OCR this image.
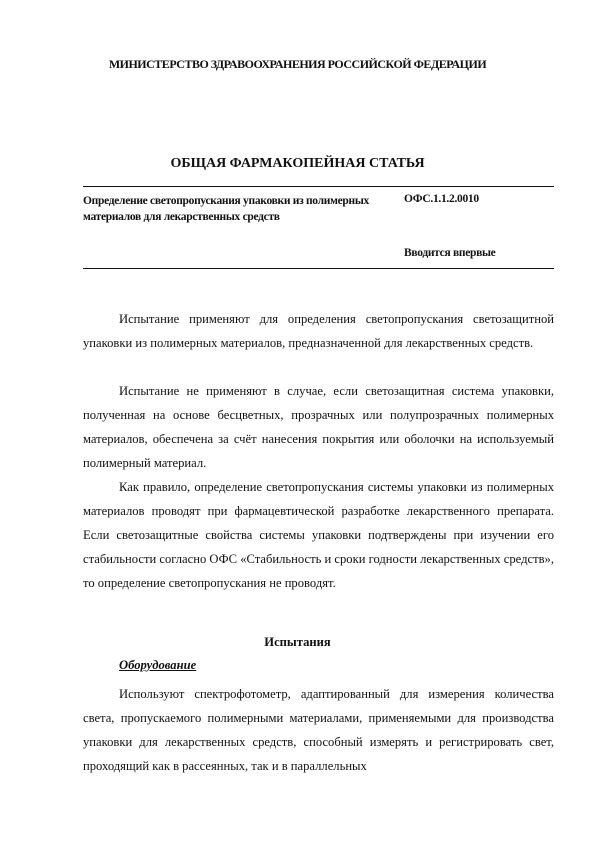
МИНИСТЕРСТВО ЗДРАВООХРАНЕНИЯ РОССИЙСКОЙ ФЕДЕРАЦИИ
ОБЩАЯ ФАРМАКОПЕЙНАЯ СТАТЬЯ
Определение светопропускания упаковки из полимерных материалов для лекарственных средств
ОФС.1.1.2.0010
Вводится впервые

Испытание применяют для определения светопропускания светозащитной упаковки из полимерных материалов, предназначенной для лекарственных средств.

Испытание не применяют в случае, если светозащитная система упаковки, полученная на основе бесцветных, прозрачных или полупрозрачных полимерных материалов, обеспечена за счёт нанесения покрытия или оболочки на используемый полимерный материал.

Как правило, определение светопропускания системы упаковки из полимерных материалов проводят при фармацевтической разработке лекарственного препарата. Если светозащитные свойства системы упаковки подтверждены при изучении его стабильности согласно ОФС «Стабильность и сроки годности лекарственных средств», то определение светопропускания не проводят.

Испытания
Оборудование

Используют спектрофотометр, адаптированный для измерения количества света, пропускаемого полимерными материалами, применяемыми для производства упаковки для лекарственных средств, способный измерять и регистрировать свет, проходящий как в рассеянных, так и в параллельных
